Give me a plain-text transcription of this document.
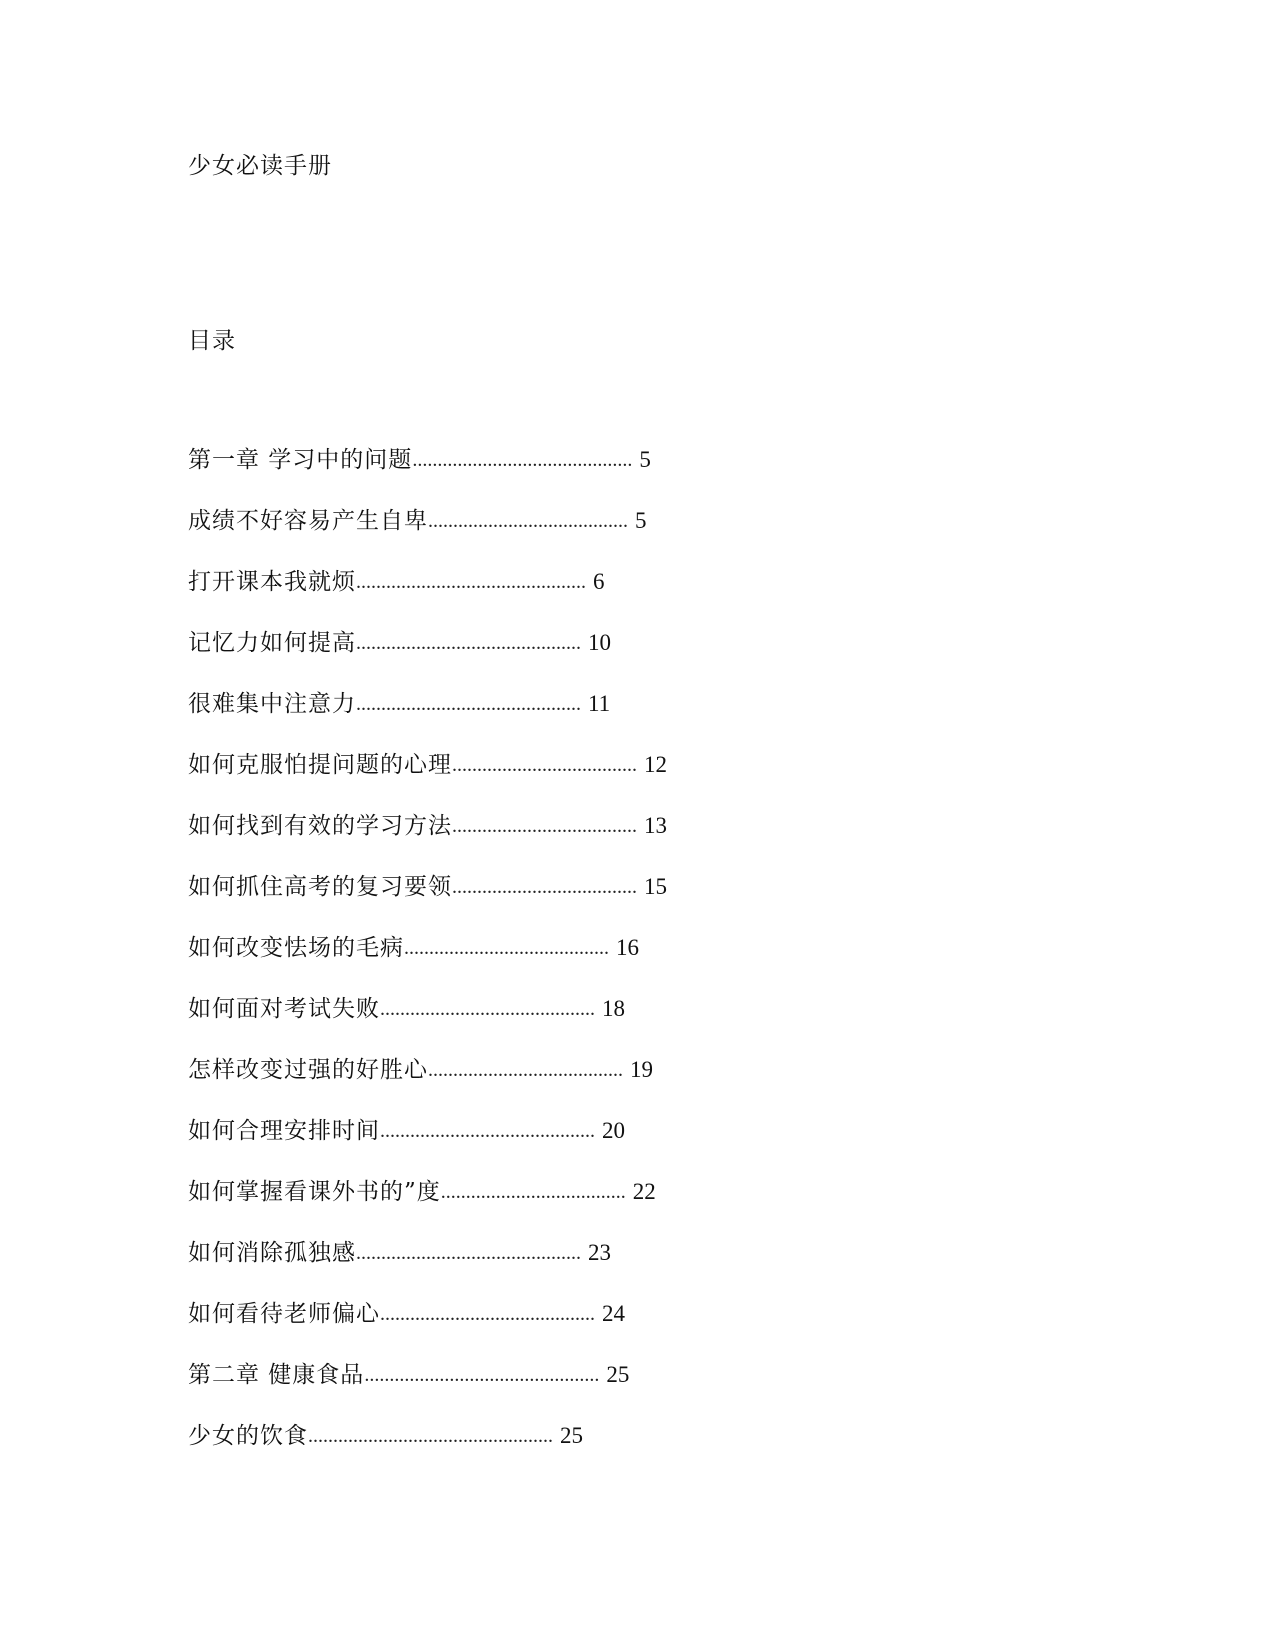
少女必读手册
目录
第一章 学习中的问题 ............................................ 5
成绩不好容易产生自卑 ........................................ 5
打开课本我就烦 .............................................. 6
记忆力如何提高 ............................................. 10
很难集中注意力 ............................................. 11
如何克服怕提问题的心理 ..................................... 12
如何找到有效的学习方法 ..................................... 13
如何抓住高考的复习要领 ..................................... 15
如何改变怯场的毛病 ......................................... 16
如何面对考试失败 ........................................... 18
怎样改变过强的好胜心 ....................................... 19
如何合理安排时间 ........................................... 20
如何掌握看课外书的”度 ..................................... 22
如何消除孤独感 ............................................. 23
如何看待老师偏心 ........................................... 24
第二章 健康食品 ............................................... 25
少女的饮食 ................................................. 25
